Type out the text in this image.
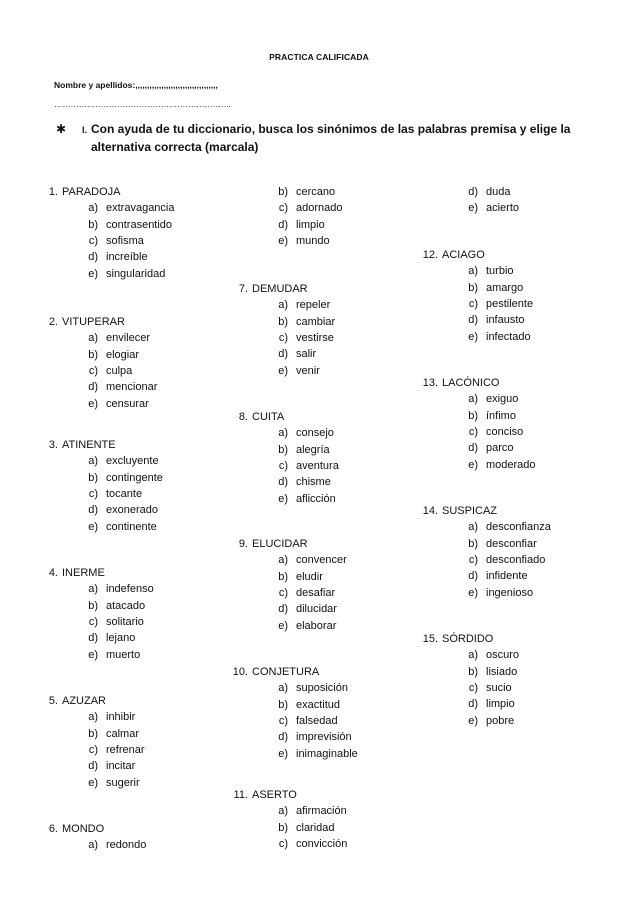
PRACTICA CALIFICADA
Nombre y apellidos:,,,,,,,,,,,,,,,,,,,,,,,,,,,,,,,,,,,
………………………………………………………..
✱ I. Con ayuda de tu diccionario, busca los sinónimos de las palabras premisa y elige la alternativa correcta (marcala)
1. PARADOJA
a) extravagancia
b) contrasentido
c) sofisma
d) increíble
e) singularidad
2. VITUPERAR
a) envilecer
b) elogiar
c) culpa
d) mencionar
e) censurar
3. ATINENTE
a) excluyente
b) contingente
c) tocante
d) exonerado
e) continente
4. INERME
a) indefenso
b) atacado
c) solitario
d) lejano
e) muerto
5. AZUZAR
a) inhibir
b) calmar
c) refrenar
d) incitar
e) sugerir
6. MONDO
a) redondo
b) cercano
c) adornado
d) limpio
e) mundo
7. DEMUDAR
a) repeler
b) cambiar
c) vestirse
d) salir
e) venir
8. CUITA
a) consejo
b) alegría
c) aventura
d) chisme
e) aflicción
9. ELUCIDAR
a) convencer
b) eludir
c) desafiar
d) dilucidar
e) elaborar
10. CONJETURA
a) suposición
b) exactitud
c) falsedad
d) imprevisión
e) inimaginable
11. ASERTO
a) afirmación
b) claridad
c) convicción
d) duda
e) acierto
12. ACIAGO
a) turbio
b) amargo
c) pestilente
d) infausto
e) infectado
13. LACÓNICO
a) exiguo
b) ínfimo
c) conciso
d) parco
e) moderado
14. SUSPICAZ
a) desconfianza
b) desconfiar
c) desconfiado
d) infidente
e) ingenioso
15. SÓRDIDO
a) oscuro
b) lisiado
c) sucio
d) limpio
e) pobre
